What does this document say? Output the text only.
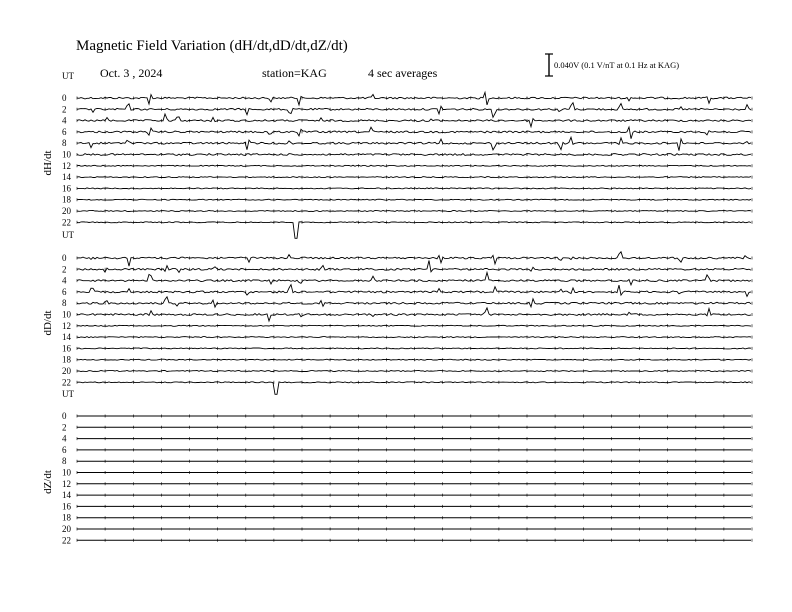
Magnetic Field Variation (dH/dt,dD/dt,dZ/dt)
Oct. 3 , 2024	station=KAG	4 sec averages
0.040V (0.1 V/nT at 0.1 Hz at KAG)
UT
dH/dt
0
2
4
6
8
10
12
14
16
18
20
22
UT
dD/dt
0
2
4
6
8
10
12
14
16
18
20
22
UT
dZ/dt
0
2
4
6
8
10
12
14
16
18
20
22
